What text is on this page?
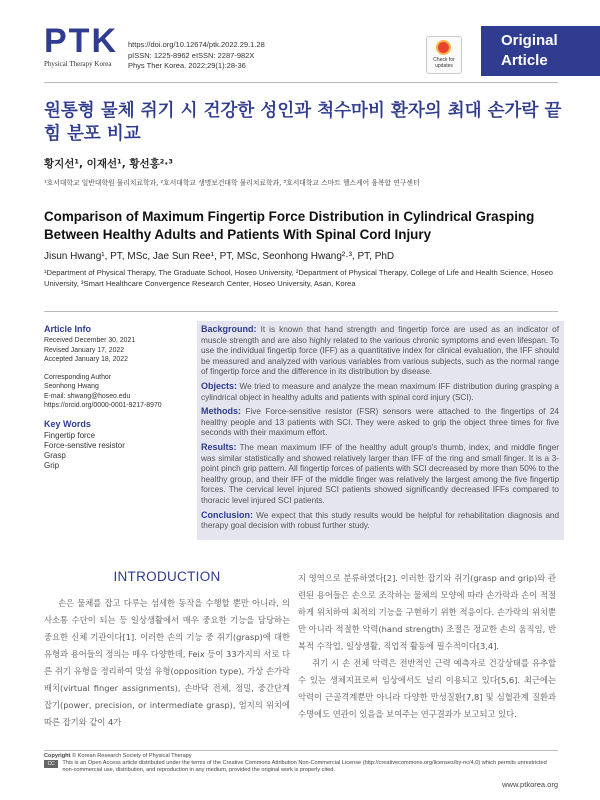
PTK
Physical Therapy Korea
https://doi.org/10.12674/ptk.2022.29.1.28
pISSN: 1225-8962 eISSN: 2287-982X
Phys Ther Korea. 2022;29(1):28-36
Check for updates
Original
Article
원통형 물체 쥐기 시 건강한 성인과 척수마비 환자의 최대 손가락 끝 힘 분포 비교
황지선¹, 이재선¹, 황선홍²·³
¹호서대학교 일반대학원 물리치료학과, ²호서대학교 생명보건대학 물리치료학과, ³호서대학교 스마트 헬스케어 융복합 연구센터
Comparison of Maximum Fingertip Force Distribution in Cylindrical Grasping Between Healthy Adults and Patients With Spinal Cord Injury
Jisun Hwang¹, PT, MSc, Jae Sun Ree¹, PT, MSc, Seonhong Hwang²·³, PT, PhD
¹Department of Physical Therapy, The Graduate School, Hoseo University, ²Department of Physical Therapy, College of Life and Health Science, Hoseo University, ³Smart Healthcare Convergence Research Center, Hoseo University, Asan, Korea
Article Info
Received December 30, 2021
Revised January 17, 2022
Accepted January 18, 2022
Corresponding Author
Seonhong Hwang
E-mail: shwang@hoseo.edu
https://orcid.org/0000-0001-9217-8970
Key Words
Fingertip force
Force-senstive resistor
Grasp
Grip

Background: It is known that hand strength and fingertip force are used as an indicator of muscle strength and are also highly related to the various chronic symptoms and even lifespan. To use the individual fingertip force (IFF) as a quantitative index for clinical evaluation, the IFF should be measured and analyzed with various variables from various subjects, such as the normal range of fingertip force and the difference in its distribution by disease.

Objects: We tried to measure and analyze the mean maximum IFF distribution during grasping a cylindrical object in healthy adults and patients with spinal cord injury (SCI).

Methods: Five Force-sensitive resistor (FSR) sensors were attached to the fingertips of 24 healthy people and 13 patients with SCI. They were asked to grip the object three times for five seconds with their maximum effort.

Results: The mean maximum IFF of the healthy adult group's thumb, index, and middle finger was similar statistically and showed relatively larger than IFF of the ring and small finger. It is a 3-point pinch grip pattern. All fingertip forces of patients with SCI decreased by more than 50% to the healthy group, and their IFF of the middle finger was relatively the largest among the five fingertip forces. The cervical level injured SCI patients showed significantly decreased IFFs compared to thoracic level injured SCI patients.

Conclusion: We expect that this study results would be helpful for rehabilitation diagnosis and therapy goal decision with robust further study.

INTRODUCTION

손은 물체를 잡고 다루는 섬세한 동작을 수행할 뿐만 아니라, 의사소통 수단이 되는 등 일상생활에서 매우 중요한 기능을 담당하는 중요한 신체 기관이다[1]. 이러한 손의 기능 중 쥐기(grasp)에 대한 유형과 용어들의 정의는 매우 다양한데, Feix 등이 33가지의 서로 다른 쥐기 유형을 정리하여 맞섬 유형(opposition type), 가상 손가락 배치(virtual finger assignments), 손바닥 전체, 정밀, 중간단계 잡기(power, precision, or intermediate grasp), 엄지의 위치에 따른 잡기와 같이 4가

지 영역으로 분류하였다[2]. 이러한 잡기와 쥐기(grasp and grip)와 관련된 용어들은 손으로 조작하는 물체의 모양에 따라 손가락과 손이 적절하게 위치하여 최적의 기능을 구현하기 위한 적응이다. 손가락의 위치뿐만 아니라 적절한 악력(hand strength) 조절은 정교한 손의 움직임, 반복적 수작업, 일상생활, 직업적 활동에 필수적이다[3,4].

쥐기 시 손 전체 악력은 전반적인 근력 예측자로 건강상태를 유추할 수 있는 생체지표로써 임상에서도 널리 이용되고 있다[5,6]. 최근에는 악력이 근골격계뿐만 아니라 다양한 만성질환[7,8] 및 심혈관계 질환과 수명에도 연관이 있음을 보여주는 연구결과가 보고되고 있다.

Copyright © Korean Research Society of Physical Therapy
CC BY-NC
This is an Open Access article distributed under the terms of the Creative Commons Attribution Non-Commercial License (http://creativecommons.org/licenses/by-nc/4.0) which permits unrestricted non-commercial use, distribution, and reproduction in any medium, provided the original work is properly cited.
www.ptkorea.org
